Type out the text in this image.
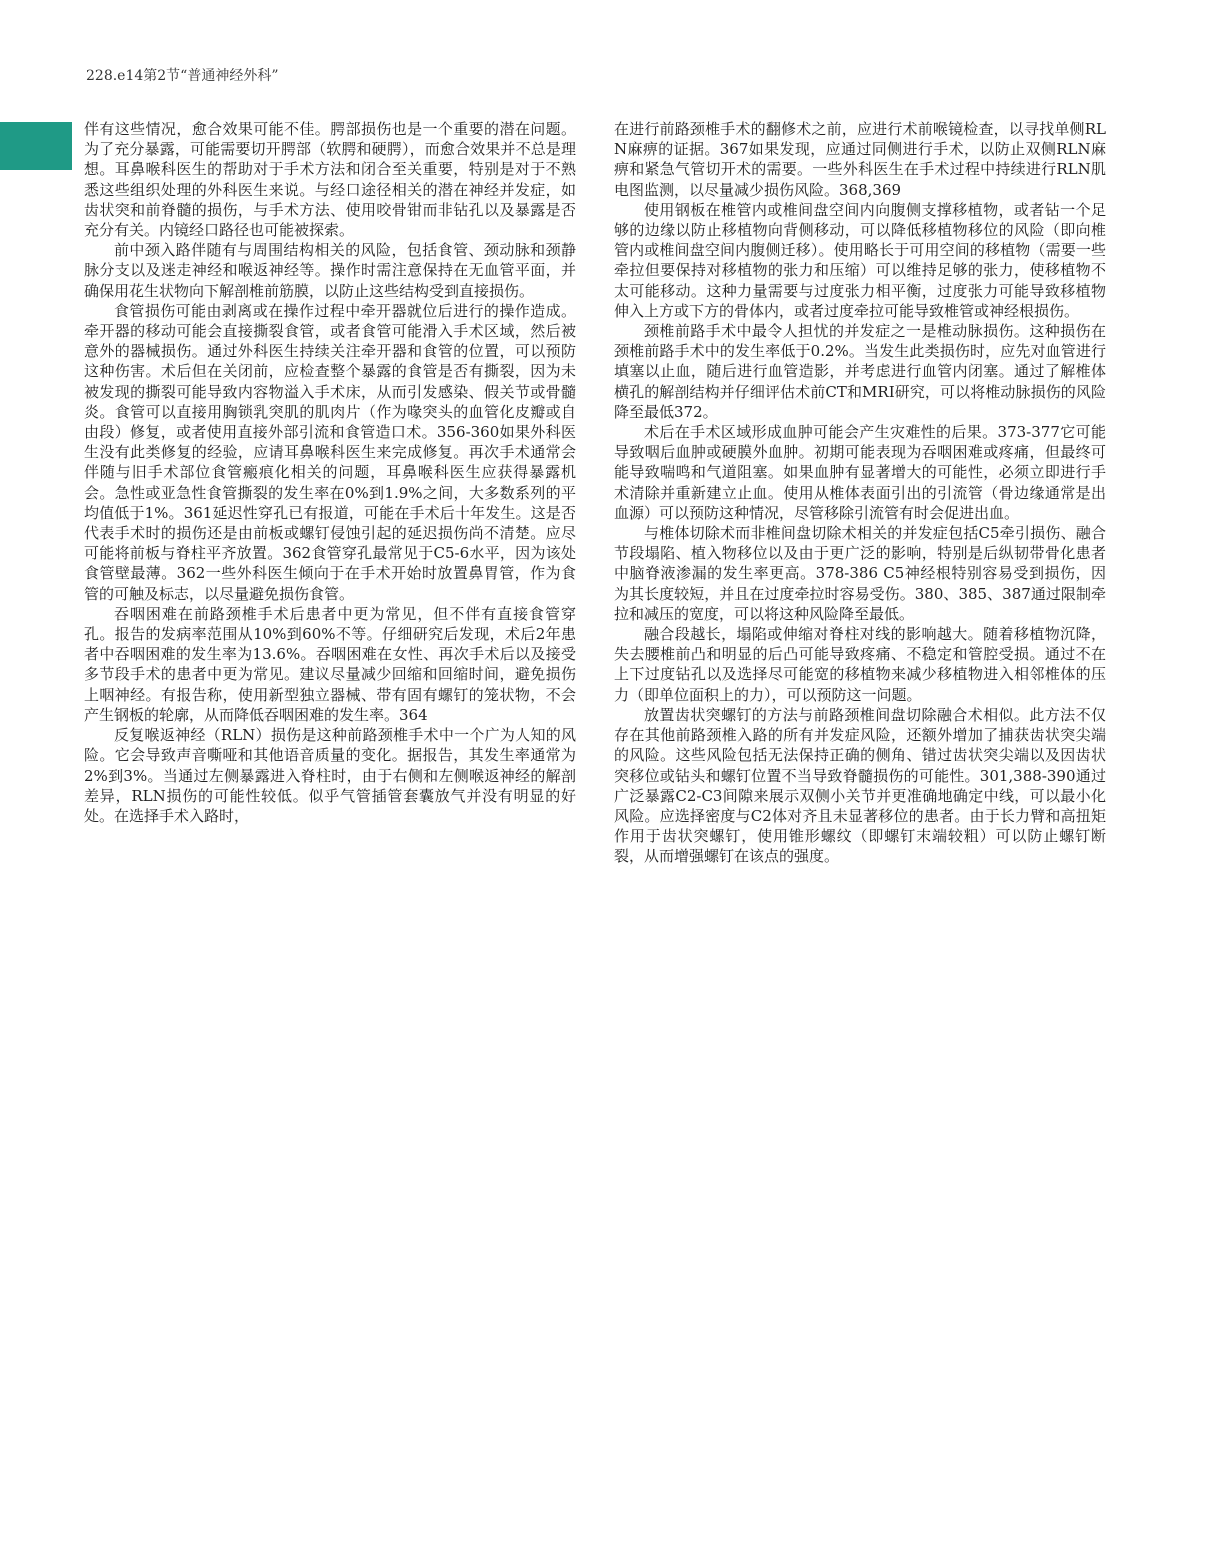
228.e14第2节“普通神经外科”

伴有这些情况，愈合效果可能不佳。腭部损伤也是一个重要的潜在问题。为了充分暴露，可能需要切开腭部（软腭和硬腭），而愈合效果并不总是理想。耳鼻喉科医生的帮助对于手术方法和闭合至关重要，特别是对于不熟悉这些组织处理的外科医生来说。与经口途径相关的潜在神经并发症，如齿状突和前脊髓的损伤，与手术方法、使用咬骨钳而非钻孔以及暴露是否充分有关。内镜经口路径也可能被探索。

前中颈入路伴随有与周围结构相关的风险，包括食管、颈动脉和颈静脉分支以及迷走神经和喉返神经等。操作时需注意保持在无血管平面，并确保用花生状物向下解剖椎前筋膜，以防止这些结构受到直接损伤。

食管损伤可能由剥离或在操作过程中牵开器就位后进行的操作造成。牵开器的移动可能会直接撕裂食管，或者食管可能滑入手术区域，然后被意外的器械损伤。通过外科医生持续关注牵开器和食管的位置，可以预防这种伤害。术后但在关闭前，应检查整个暴露的食管是否有撕裂，因为未被发现的撕裂可能导致内容物溢入手术床，从而引发感染、假关节或骨髓炎。食管可以直接用胸锁乳突肌的肌肉片（作为喙突头的血管化皮瓣或自由段）修复，或者使用直接外部引流和食管造口术。356-360如果外科医生没有此类修复的经验，应请耳鼻喉科医生来完成修复。再次手术通常会伴随与旧手术部位食管瘢痕化相关的问题，耳鼻喉科医生应获得暴露机会。急性或亚急性食管撕裂的发生率在0%到1.9%之间，大多数系列的平均值低于1%。361延迟性穿孔已有报道，可能在手术后十年发生。这是否代表手术时的损伤还是由前板或螺钉侵蚀引起的延迟损伤尚不清楚。应尽可能将前板与脊柱平齐放置。362食管穿孔最常见于C5-6水平，因为该处食管壁最薄。362一些外科医生倾向于在手术开始时放置鼻胃管，作为食管的可触及标志，以尽量避免损伤食管。

吞咽困难在前路颈椎手术后患者中更为常见，但不伴有直接食管穿孔。报告的发病率范围从10%到60%不等。仔细研究后发现，术后2年患者中吞咽困难的发生率为13.6%。吞咽困难在女性、再次手术后以及接受多节段手术的患者中更为常见。建议尽量减少回缩和回缩时间，避免损伤上咽神经。有报告称，使用新型独立器械、带有固有螺钉的笼状物，不会产生钢板的轮廓，从而降低吞咽困难的发生率。364

反复喉返神经（RLN）损伤是这种前路颈椎手术中一个广为人知的风险。它会导致声音嘶哑和其他语音质量的变化。据报告，其发生率通常为2%到3%。当通过左侧暴露进入脊柱时，由于右侧和左侧喉返神经的解剖差异，RLN损伤的可能性较低。似乎气管插管套囊放气并没有明显的好处。在选择手术入路时，

在进行前路颈椎手术的翻修术之前，应进行术前喉镜检查，以寻找单侧RLN麻痹的证据。367如果发现，应通过同侧进行手术，以防止双侧RLN麻痹和紧急气管切开术的需要。一些外科医生在手术过程中持续进行RLN肌电图监测，以尽量减少损伤风险。368,369

使用钢板在椎管内或椎间盘空间内向腹侧支撑移植物，或者钻一个足够的边缘以防止移植物向背侧移动，可以降低移植物移位的风险（即向椎管内或椎间盘空间内腹侧迁移）。使用略长于可用空间的移植物（需要一些牵拉但要保持对移植物的张力和压缩）可以维持足够的张力，使移植物不太可能移动。这种力量需要与过度张力相平衡，过度张力可能导致移植物伸入上方或下方的骨体内，或者过度牵拉可能导致椎管或神经根损伤。

颈椎前路手术中最令人担忧的并发症之一是椎动脉损伤。这种损伤在颈椎前路手术中的发生率低于0.2%。当发生此类损伤时，应先对血管进行填塞以止血，随后进行血管造影，并考虑进行血管内闭塞。通过了解椎体横孔的解剖结构并仔细评估术前CT和MRI研究，可以将椎动脉损伤的风险降至最低372。

术后在手术区域形成血肿可能会产生灾难性的后果。373-377它可能导致咽后血肿或硬膜外血肿。初期可能表现为吞咽困难或疼痛，但最终可能导致喘鸣和气道阻塞。如果血肿有显著增大的可能性，必须立即进行手术清除并重新建立止血。使用从椎体表面引出的引流管（骨边缘通常是出血源）可以预防这种情况，尽管移除引流管有时会促进出血。

与椎体切除术而非椎间盘切除术相关的并发症包括C5牵引损伤、融合节段塌陷、植入物移位以及由于更广泛的影响，特别是后纵韧带骨化患者中脑脊液渗漏的发生率更高。378-386 C5神经根特别容易受到损伤，因为其长度较短，并且在过度牵拉时容易受伤。380、385、387通过限制牵拉和减压的宽度，可以将这种风险降至最低。

融合段越长，塌陷或伸缩对脊柱对线的影响越大。随着移植物沉降，失去腰椎前凸和明显的后凸可能导致疼痛、不稳定和管腔受损。通过不在上下过度钻孔以及选择尽可能宽的移植物来减少移植物进入相邻椎体的压力（即单位面积上的力），可以预防这一问题。

放置齿状突螺钉的方法与前路颈椎间盘切除融合术相似。此方法不仅存在其他前路颈椎入路的所有并发症风险，还额外增加了捕获齿状突尖端的风险。这些风险包括无法保持正确的侧角、错过齿状突尖端以及因齿状突移位或钻头和螺钉位置不当导致脊髓损伤的可能性。301,388-390通过广泛暴露C2-C3间隙来展示双侧小关节并更准确地确定中线，可以最小化风险。应选择密度与C2体对齐且未显著移位的患者。由于长力臂和高扭矩作用于齿状突螺钉，使用锥形螺纹（即螺钉末端较粗）可以防止螺钉断裂，从而增强螺钉在该点的强度。
